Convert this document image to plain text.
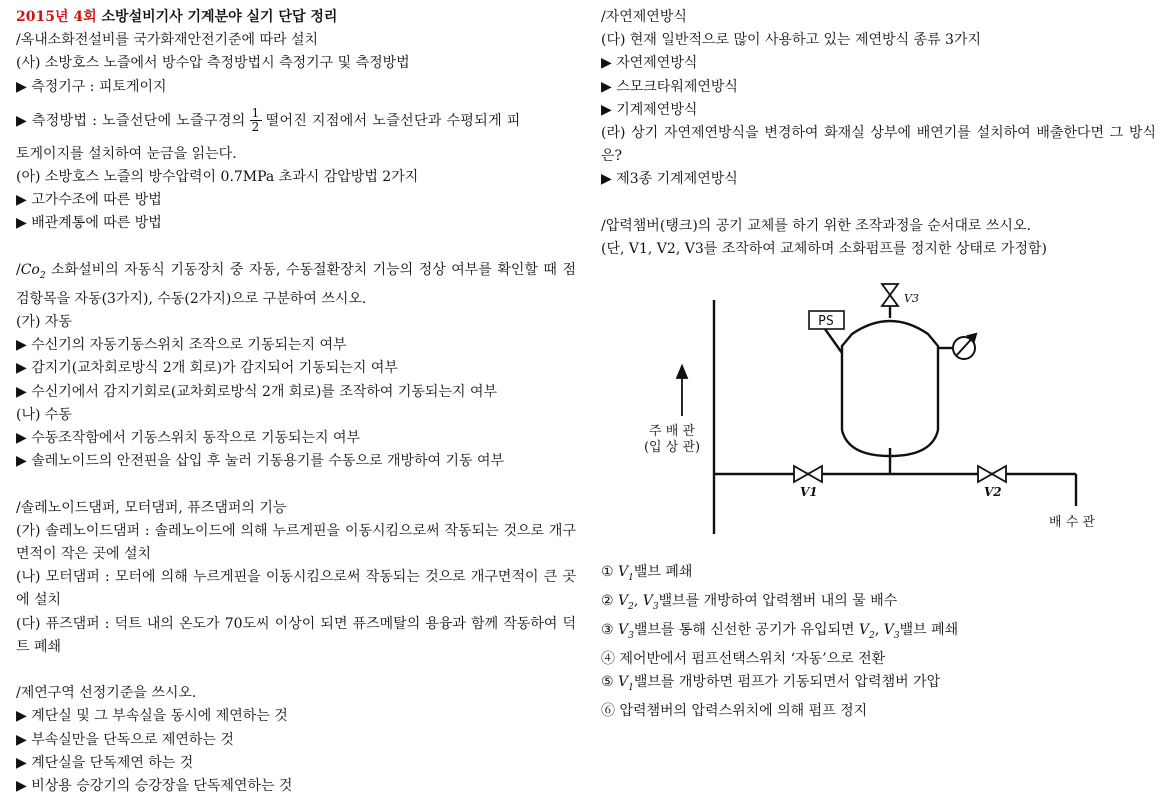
2015년 4회 소방설비기사 기계분야 실기 단답 정리
/옥내소화전설비를 국가화재안전기준에 따라 설치
(사) 소방호스 노즐에서 방수압 측정방법시 측정기구 및 측정방법
▶ 측정기구 : 피토게이지
▶ 측정방법 : 노즐선단에 노즐구경의 $\frac{1}{2}$ 떨어진 지점에서 노즐선단과 수평되게 피
토게이지를 설치하여 눈금을 읽는다.
(아) 소방호스 노즐의 방수압력이 0.7MPa 초과시 감압방법 2가지
▶ 고가수조에 따른 방법
▶ 배관계통에 따른 방법
$/Co_2$ 소화설비의 자동식 기동장치 중 자동, 수동절환장치 기능의 정상 여부를 확인할 때 점검항목을 자동(3가지), 수동(2가지)으로 구분하여 쓰시오.
(가) 자동
▶ 수신기의 자동기동스위치 조작으로 기동되는지 여부
▶ 감지기(교차회로방식 2개 회로)가 감지되어 기동되는지 여부
▶ 수신기에서 감지기회로(교차회로방식 2개 회로)를 조작하여 기동되는지 여부
(나) 수동
▶ 수동조작함에서 기동스위치 동작으로 기동되는지 여부
▶ 솔레노이드의 안전핀을 삽입 후 눌러 기동용기를 수동으로 개방하여 기동 여부
/솔레노이드댐퍼, 모터댐퍼, 퓨즈댐퍼의 기능
(가) 솔레노이드댐퍼 : 솔레노이드에 의해 누르게핀을 이동시킴으로써 작동되는 것으로 개구면적이 작은 곳에 설치
(나) 모터댐퍼 : 모터에 의해 누르게핀을 이동시킴으로써 작동되는 것으로 개구면적이 큰 곳에 설치
(다) 퓨즈댐퍼 : 덕트 내의 온도가 70도씨 이상이 되면 퓨즈메탈의 용융과 함께 작동하여 덕트 폐쇄
/제연구역 선정기준을 쓰시오.
▶ 계단실 및 그 부속실을 동시에 제연하는 것
▶ 부속실만을 단독으로 제연하는 것
▶ 계단실을 단독제연 하는 것
▶ 비상용 승강기의 승강장을 단독제연하는 것
/자연제연방식
(다) 현재 일반적으로 많이 사용하고 있는 제연방식 종류 3가지
▶ 자연제연방식
▶ 스모크타워제연방식
▶ 기계제연방식
(라) 상기 자연제연방식을 변경하여 화재실 상부에 배연기를 설치하여 배출한다면 그 방식은?
▶ 제3종 기계제연방식
/압력챔버(탱크)의 공기 교체를 하기 위한 조작과정을 순서대로 쓰시오.
(단, V1, V2, V3를 조작하여 교체하며 소화펌프를 정지한 상태로 가정함)
PS
V3
V1	V2
주 배 관
(입 상 관)
배 수 관
① $V_1$밸브 폐쇄
② $V_2$, $V_3$밸브를 개방하여 압력챔버 내의 물 배수
③ $V_3$밸브를 통해 신선한 공기가 유입되면 $V_2$, $V_3$밸브 폐쇄
④ 제어반에서 펌프선택스위치 ‘자동’으로 전환
⑤ $V_1$밸브를 개방하면 펌프가 기동되면서 압력챔버 가압
⑥ 압력챔버의 압력스위치에 의해 펌프 정지
